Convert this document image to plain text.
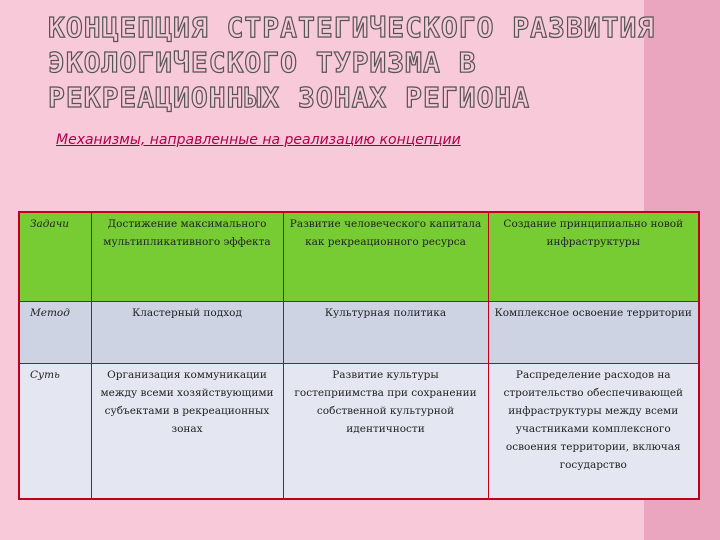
КОНЦЕПЦИЯ СТРАТЕГИЧЕСКОГО РАЗВИТИЯ
ЭКОЛОГИЧЕСКОГО ТУРИЗМА В
РЕКРЕАЦИОННЫХ ЗОНАХ РЕГИОНА
Механизмы, направленные на реализацию концепции
Задачи	Достижение максимального мультипликативного эффекта	Развитие человеческого капитала как рекреационного ресурса	Создание принципиально новой инфраструктуры
Метод	Кластерный подход	Культурная политика	Комплексное освоение территории
Суть	Организация коммуникации между всеми хозяйствующими субъектами в рекреационных зонах	Развитие культуры гостеприимства при сохранении собственной культурной идентичности	Распределение расходов на строительство обеспечивающей инфраструктуры между всеми участниками комплексного освоения территории, включая государство
